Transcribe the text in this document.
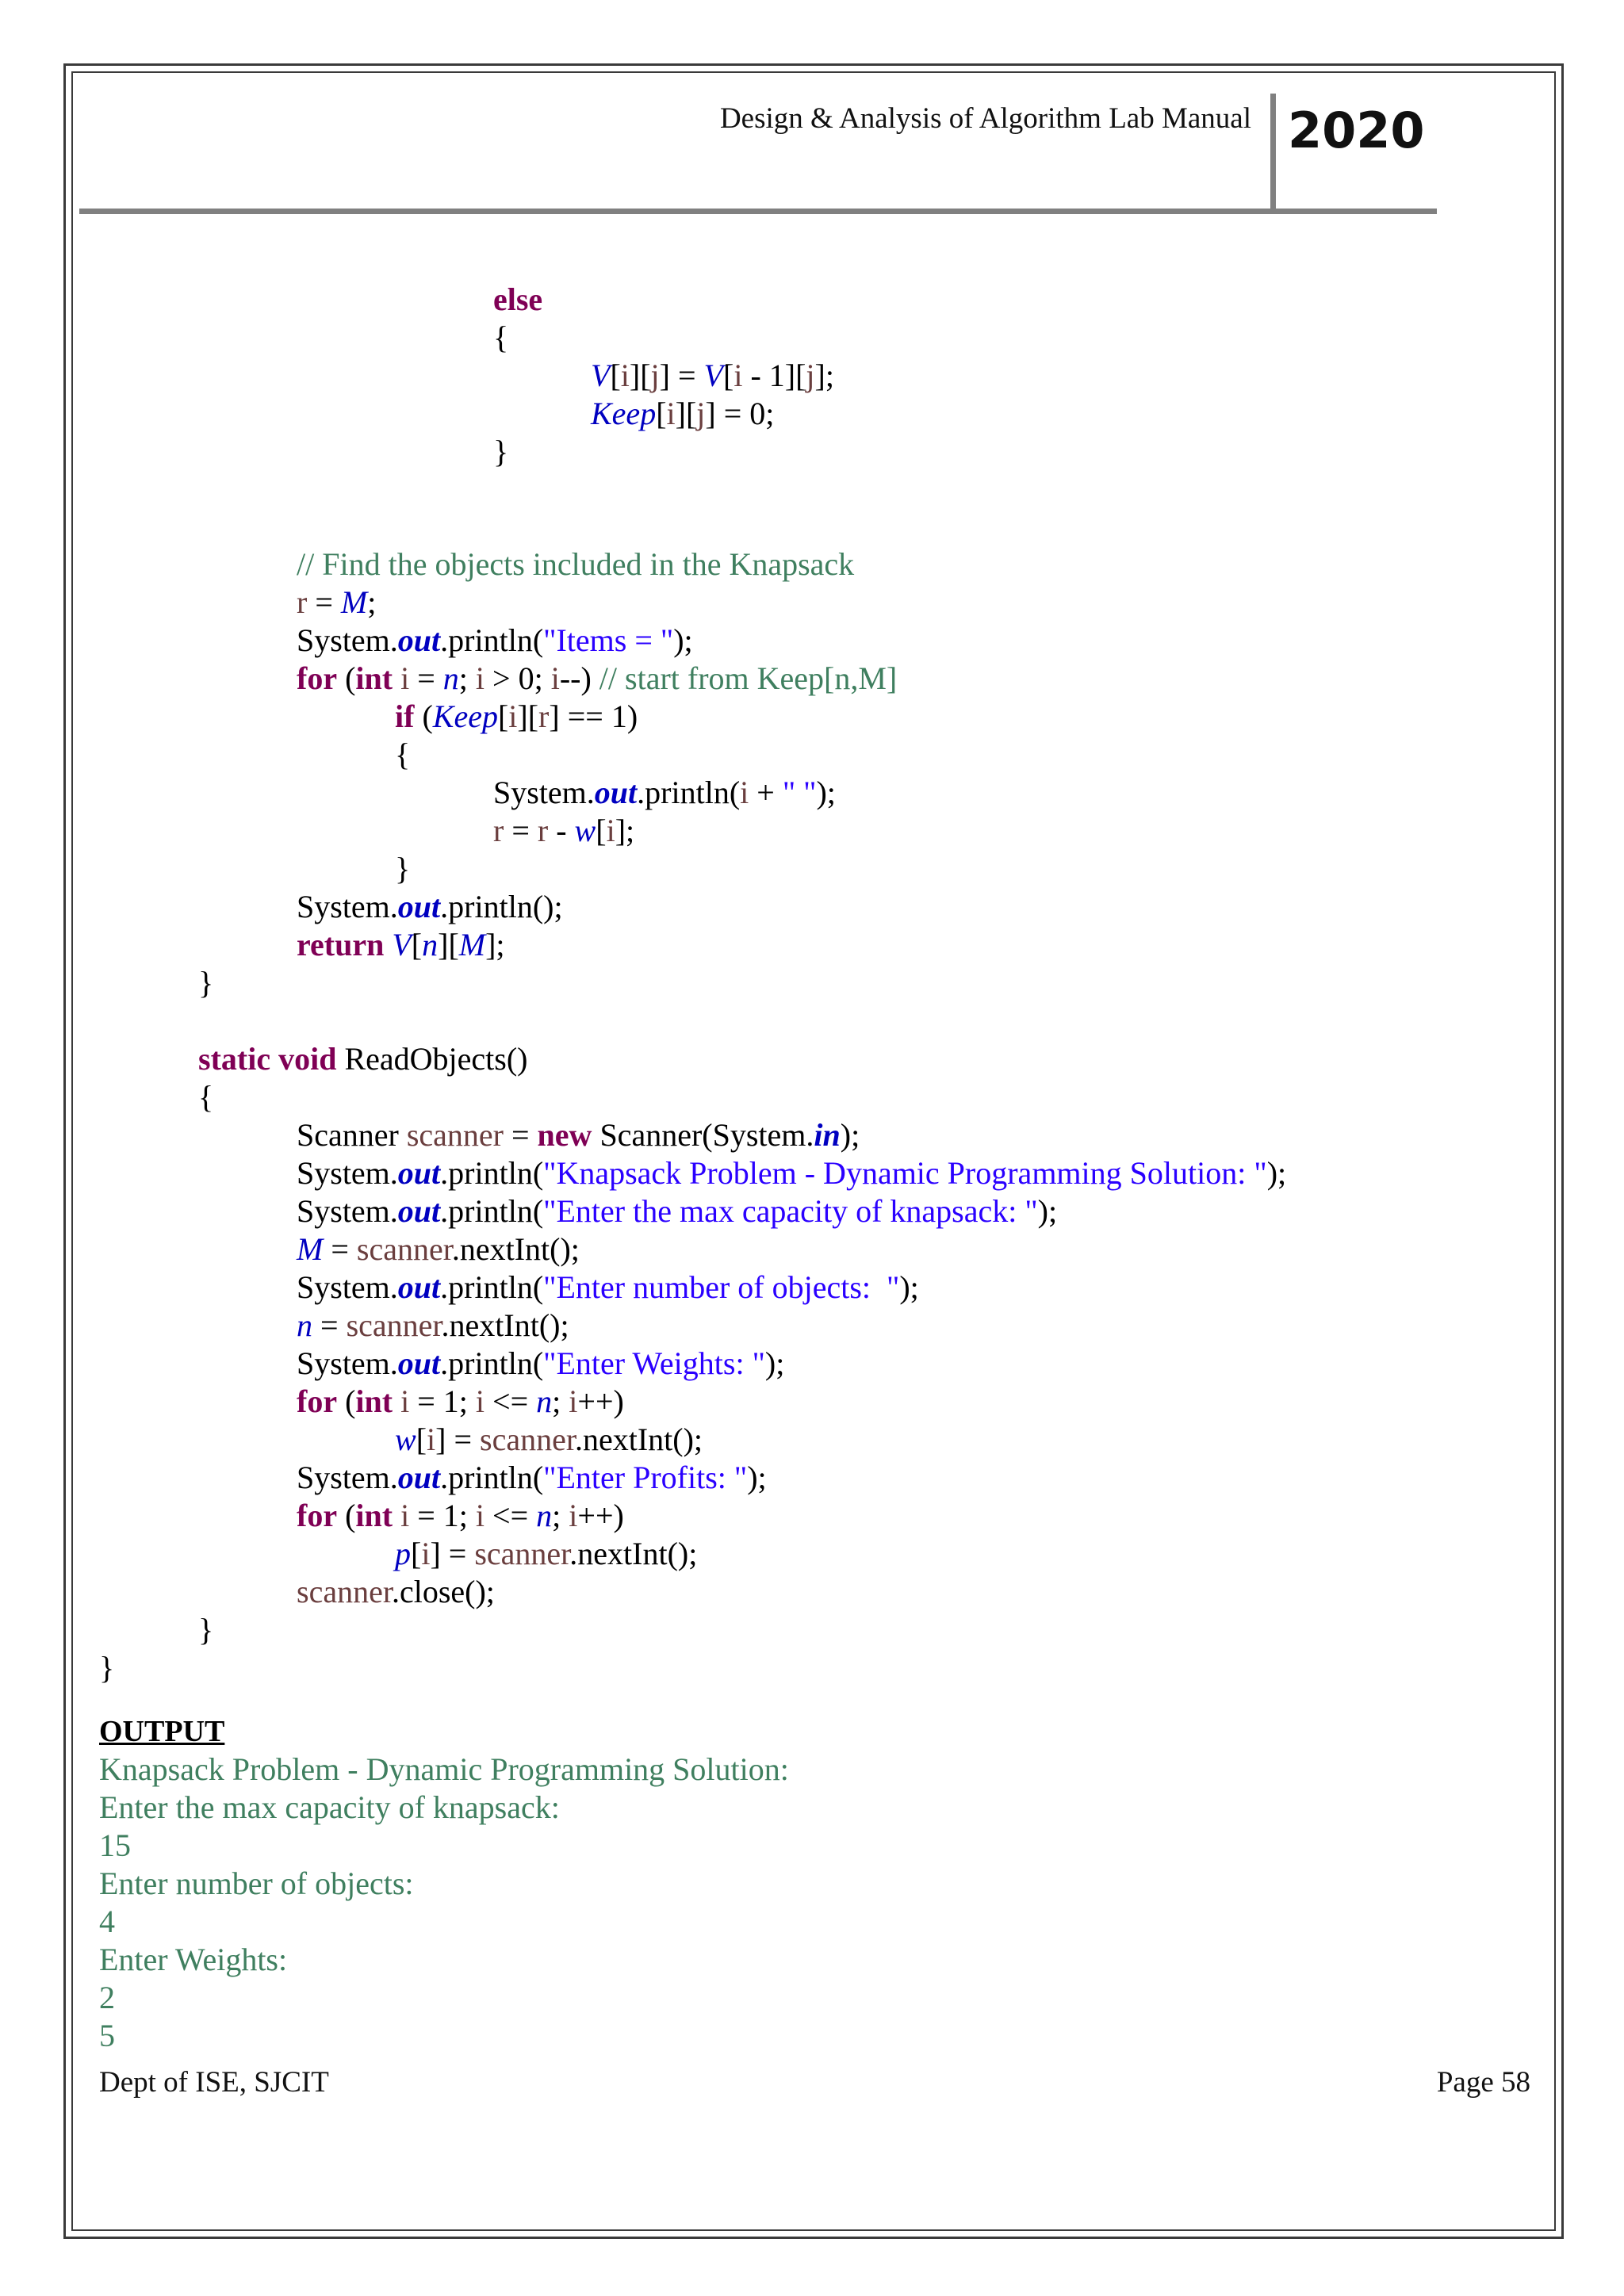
Design & Analysis of Algorithm Lab Manual 2020
else
{
V[i][j] = V[i - 1][j];
Keep[i][j] = 0;
}
// Find the objects included in the Knapsack
r = M;
System.out.println("Items = ");
for (int i = n; i > 0; i--) // start from Keep[n,M]
if (Keep[i][r] == 1)
{
System.out.println(i + " ");
r = r - w[i];
}
System.out.println();
return V[n][M];
}
static void ReadObjects()
{
Scanner scanner = new Scanner(System.in);
System.out.println("Knapsack Problem - Dynamic Programming Solution: ");
System.out.println("Enter the max capacity of knapsack: ");
M = scanner.nextInt();
System.out.println("Enter number of objects:  ");
n = scanner.nextInt();
System.out.println("Enter Weights: ");
for (int i = 1; i <= n; i++)
w[i] = scanner.nextInt();
System.out.println("Enter Profits: ");
for (int i = 1; i <= n; i++)
p[i] = scanner.nextInt();
scanner.close();
}
}
OUTPUT
Knapsack Problem - Dynamic Programming Solution:
Enter the max capacity of knapsack:
15
Enter number of objects:
4
Enter Weights:
2
5
Dept of ISE, SJCIT	Page 58
